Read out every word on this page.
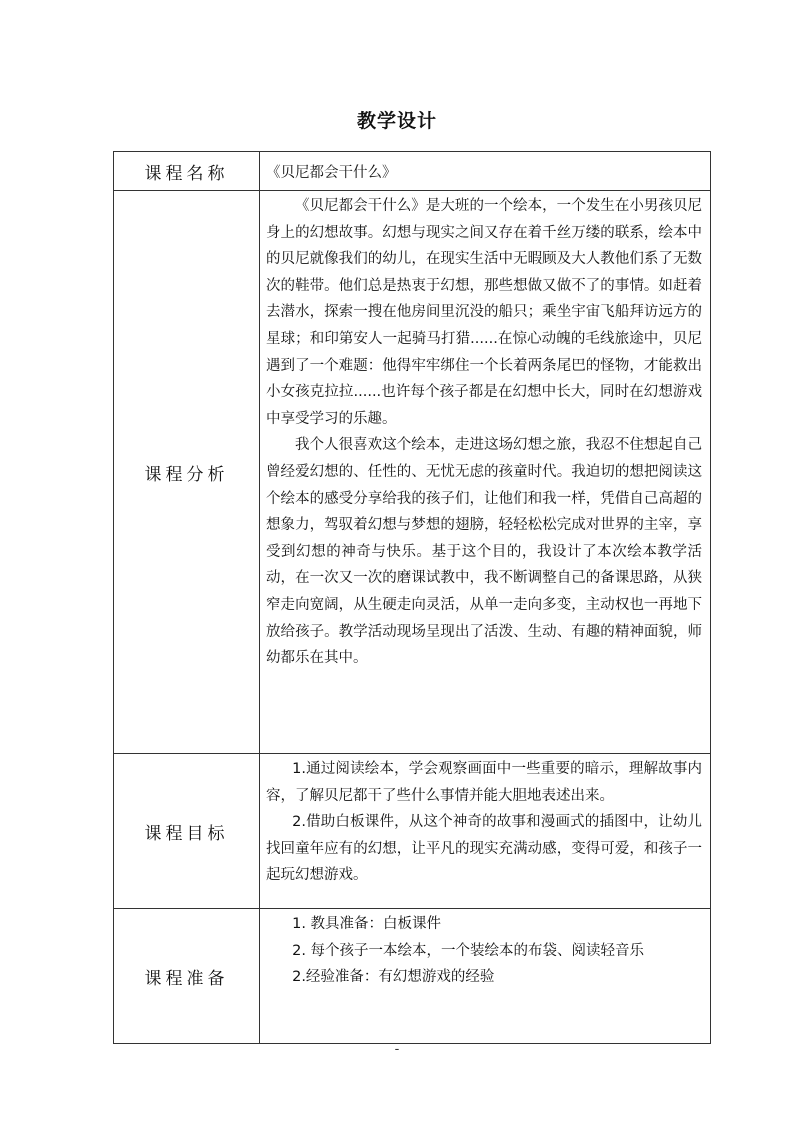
教学设计
课程名称	《贝尼都会干什么》
课程分析	《贝尼都会干什么》是大班的一个绘本，一个发生在小男孩贝尼身上的幻想故事。幻想与现实之间又存在着千丝万缕的联系，绘本中的贝尼就像我们的幼儿，在现实生活中无暇顾及大人教他们系了无数次的鞋带。他们总是热衷于幻想，那些想做又做不了的事情。如赶着去潜水，探索一搜在他房间里沉没的船只；乘坐宇宙飞船拜访远方的星球；和印第安人一起骑马打猎......在惊心动魄的毛线旅途中，贝尼遇到了一个难题：他得牢牢绑住一个长着两条尾巴的怪物，才能救出小女孩克拉拉......也许每个孩子都是在幻想中长大，同时在幻想游戏中享受学习的乐趣。

我个人很喜欢这个绘本，走进这场幻想之旅，我忍不住想起自己曾经爱幻想的、任性的、无忧无虑的孩童时代。我迫切的想把阅读这个绘本的感受分享给我的孩子们，让他们和我一样，凭借自己高超的想象力，驾驭着幻想与梦想的翅膀，轻轻松松完成对世界的主宰，享受到幻想的神奇与快乐。基于这个目的，我设计了本次绘本教学活动，在一次又一次的磨课试教中，我不断调整自己的备课思路，从狭窄走向宽阔，从生硬走向灵活，从单一走向多变，主动权也一再地下放给孩子。教学活动现场呈现出了活泼、生动、有趣的精神面貌，师幼都乐在其中。

课程目标	1.通过阅读绘本，学会观察画面中一些重要的暗示，理解故事内容，了解贝尼都干了些什么事情并能大胆地表述出来。

2.借助白板课件，从这个神奇的故事和漫画式的插图中，让幼儿找回童年应有的幻想，让平凡的现实充满动感，变得可爱，和孩子一起玩幻想游戏。

课程准备	1. 教具准备：白板课件

2. 每个孩子一本绘本，一个装绘本的布袋、阅读轻音乐

2.经验准备：有幻想游戏的经验

-
